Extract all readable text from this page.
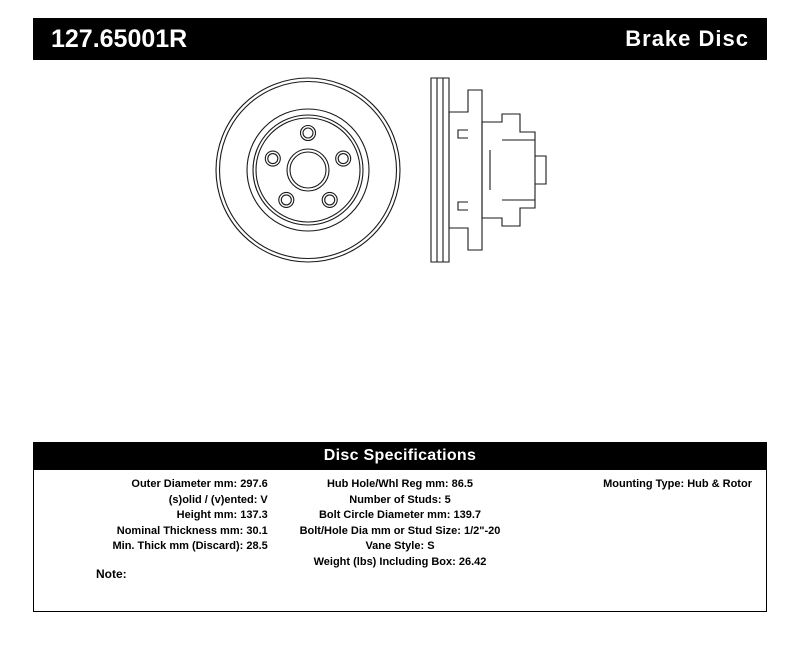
127.65001R	Brake Disc
Disc Specifications
Outer Diameter mm: 297.6
(s)olid / (v)ented: V
Height mm: 137.3
Nominal Thickness mm: 30.1
Min. Thick mm (Discard): 28.5
Hub Hole/Whl Reg mm: 86.5
Number of Studs: 5
Bolt Circle Diameter mm: 139.7
Bolt/Hole Dia mm or Stud Size: 1/2"-20
Vane Style: S
Weight (lbs) Including Box: 26.42
Mounting Type: Hub & Rotor
Note:
